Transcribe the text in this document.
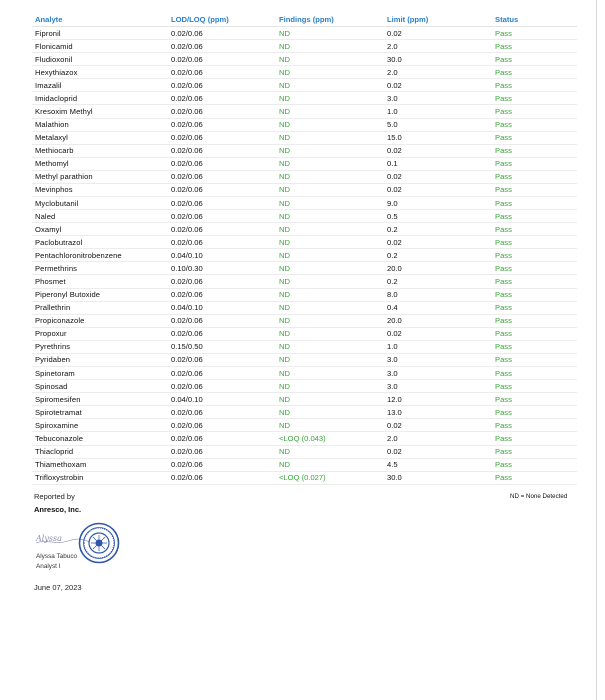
Analyte	LOD/LOQ (ppm)	Findings (ppm)	Limit (ppm)	Status
Fipronil	0.02/0.06	ND	0.02	Pass
Flonicamid	0.02/0.06	ND	2.0	Pass
Fludioxonil	0.02/0.06	ND	30.0	Pass
Hexythiazox	0.02/0.06	ND	2.0	Pass
Imazalil	0.02/0.06	ND	0.02	Pass
Imidacloprid	0.02/0.06	ND	3.0	Pass
Kresoxim Methyl	0.02/0.06	ND	1.0	Pass
Malathion	0.02/0.06	ND	5.0	Pass
Metalaxyl	0.02/0.06	ND	15.0	Pass
Methiocarb	0.02/0.06	ND	0.02	Pass
Methomyl	0.02/0.06	ND	0.1	Pass
Methyl parathion	0.02/0.06	ND	0.02	Pass
Mevinphos	0.02/0.06	ND	0.02	Pass
Myclobutanil	0.02/0.06	ND	9.0	Pass
Naled	0.02/0.06	ND	0.5	Pass
Oxamyl	0.02/0.06	ND	0.2	Pass
Paclobutrazol	0.02/0.06	ND	0.02	Pass
Pentachloronitrobenzene	0.04/0.10	ND	0.2	Pass
Permethrins	0.10/0.30	ND	20.0	Pass
Phosmet	0.02/0.06	ND	0.2	Pass
Piperonyl Butoxide	0.02/0.06	ND	8.0	Pass
Prallethrin	0.04/0.10	ND	0.4	Pass
Propiconazole	0.02/0.06	ND	20.0	Pass
Propoxur	0.02/0.06	ND	0.02	Pass
Pyrethrins	0.15/0.50	ND	1.0	Pass
Pyridaben	0.02/0.06	ND	3.0	Pass
Spinetoram	0.02/0.06	ND	3.0	Pass
Spinosad	0.02/0.06	ND	3.0	Pass
Spiromesifen	0.04/0.10	ND	12.0	Pass
Spirotetramat	0.02/0.06	ND	13.0	Pass
Spiroxamine	0.02/0.06	ND	0.02	Pass
Tebuconazole	0.02/0.06	<LOQ (0.043)	2.0	Pass
Thiacloprid	0.02/0.06	ND	0.02	Pass
Thiamethoxam	0.02/0.06	ND	4.5	Pass
Trifloxystrobin	0.02/0.06	<LOQ (0.027)	30.0	Pass
ND = None Detected
Reported by
Anresco, Inc.
Alyssa
Alyssa Tabuco
Analyst I
June 07, 2023
